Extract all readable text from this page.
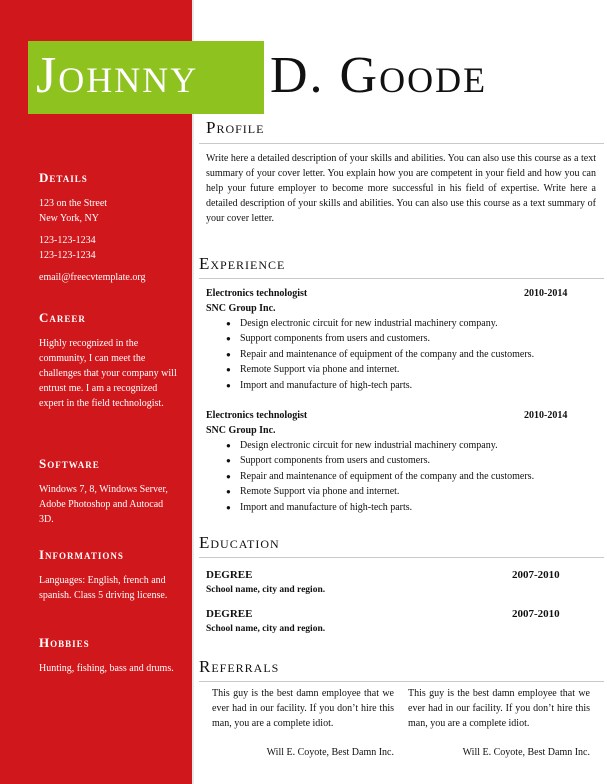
Johnny D. Goode
Details
123 on the Street
New York, NY
123-123-1234
123-123-1234
email@freecvtemplate.org
Career
Highly recognized in the community, I can meet the challenges that your company will entrust me. I am a recognized expert in the field technologist.
Software
Windows 7, 8, Windows Server, Adobe Photoshop and Autocad 3D.
Informations
Languages: English, french and spanish. Class 5 driving license.
Hobbies
Hunting, fishing, bass and drums.
Profile
Write here a detailed description of your skills and abilities. You can also use this course as a text summary of your cover letter. You explain how you are competent in your field and how you can help your future employer to become more successful in his field of expertise. Write here a detailed description of your skills and abilities. You can also use this course as a text summary of your cover letter.
Experience
Electronics technologist	2010-2014
SNC Group Inc.
● Design electronic circuit for new industrial machinery company.
● Support components from users and customers.
● Repair and maintenance of equipment of the company and the customers.
● Remote Support via phone and internet.
● Import and manufacture of high-tech parts.
Electronics technologist	2010-2014
SNC Group Inc.
● Design electronic circuit for new industrial machinery company.
● Support components from users and customers.
● Repair and maintenance of equipment of the company and the customers.
● Remote Support via phone and internet.
● Import and manufacture of high-tech parts.
Education
DEGREE	2007-2010
School name, city and region.
DEGREE	2007-2010
School name, city and region.
Referrals
This guy is the best damn employee that we ever had in our facility. If you don’t hire this man, you are a complete idiot.
Will E. Coyote, Best Damn Inc.
This guy is the best damn employee that we ever had in our facility. If you don’t hire this man, you are a complete idiot.
Will E. Coyote, Best Damn Inc.
